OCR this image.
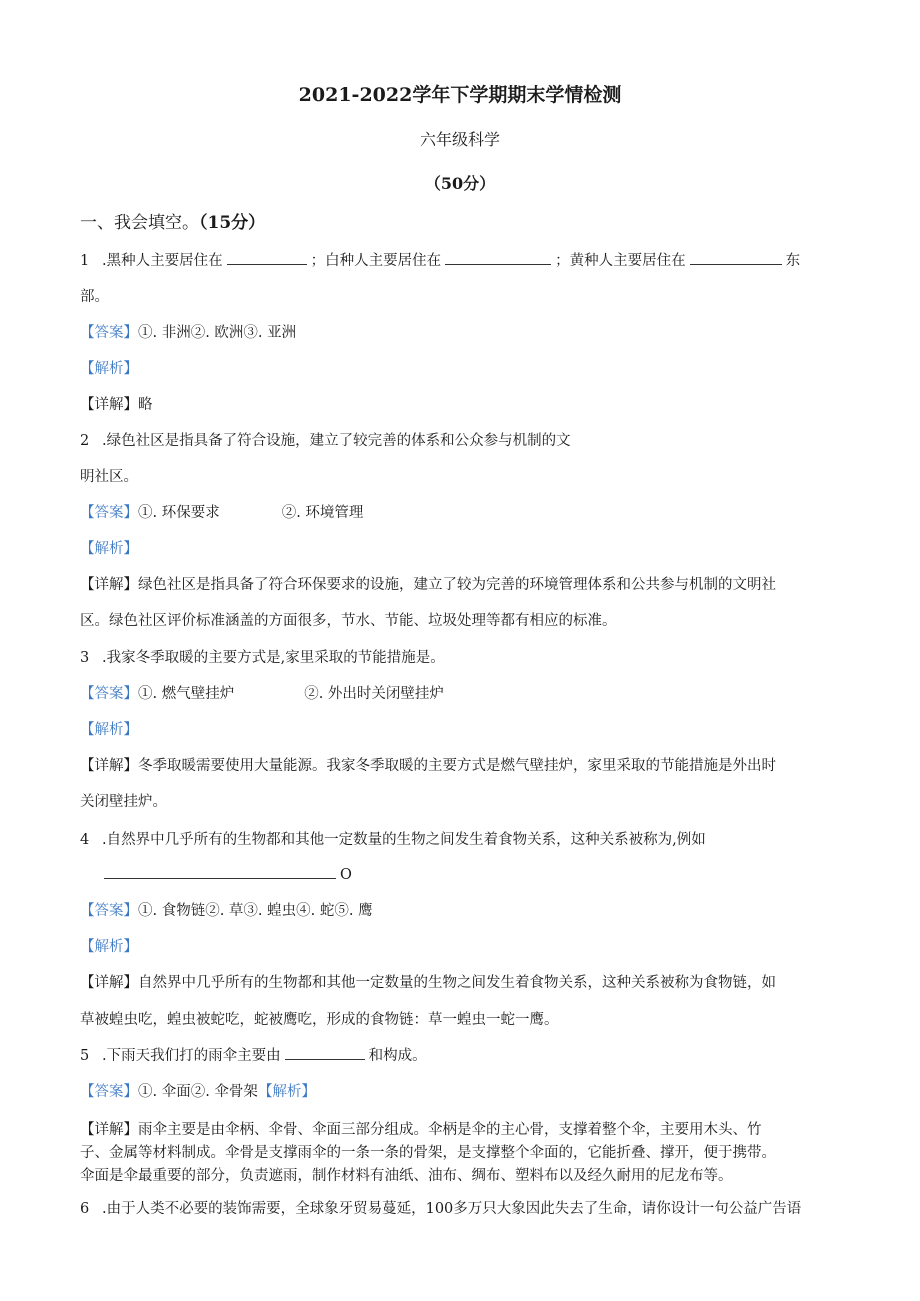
2021-2022学年下学期期末学情检测
六年级科学
（50分）
一、我会填空。（15分）
1 .黑种人主要居住在	；白种人主要居住在	；黄种人主要居住在	东
部。
【答案】①. 非洲②. 欧洲③. 亚洲
【解析】
【详解】略
2 .绿色社区是指具备了符合设施，建立了较完善的体系和公众参与机制的文
明社区。
【答案】①. 环保要求	②. 环境管理
【解析】
【详解】绿色社区是指具备了符合环保要求的设施，建立了较为完善的环境管理体系和公共参与机制的文明社
区。绿色社区评价标准涵盖的方面很多，节水、节能、垃圾处理等都有相应的标准。
3 .我家冬季取暖的主要方式是,家里采取的节能措施是。
【答案】①. 燃气壁挂炉	②. 外出时关闭壁挂炉
【解析】
【详解】冬季取暖需要使用大量能源。我家冬季取暖的主要方式是燃气壁挂炉，家里采取的节能措施是外出时
关闭壁挂炉。
4 .自然界中几乎所有的生物都和其他一定数量的生物之间发生着食物关系，这种关系被称为,例如
O
【答案】①. 食物链②. 草③. 蝗虫④. 蛇⑤. 鹰
【解析】
【详解】自然界中几乎所有的生物都和其他一定数量的生物之间发生着食物关系，这种关系被称为食物链，如
草被蝗虫吃，蝗虫被蛇吃，蛇被鹰吃，形成的食物链：草一蝗虫一蛇一鹰。
5 .下雨天我们打的雨伞主要由	和构成。
【答案】①. 伞面②. 伞骨架【解析】
【详解】雨伞主要是由伞柄、伞骨、伞面三部分组成。伞柄是伞的主心骨，支撑着整个伞，主要用木头、竹
子、金属等材料制成。伞骨是支撑雨伞的一条一条的骨架，是支撑整个伞面的，它能折叠、撑开，便于携带。
伞面是伞最重要的部分，负责遮雨，制作材料有油纸、油布、绸布、塑料布以及经久耐用的尼龙布等。
6 .由于人类不必要的装饰需要，全球象牙贸易蔓延，100多万只大象因此失去了生命，请你设计一句公益广告语
